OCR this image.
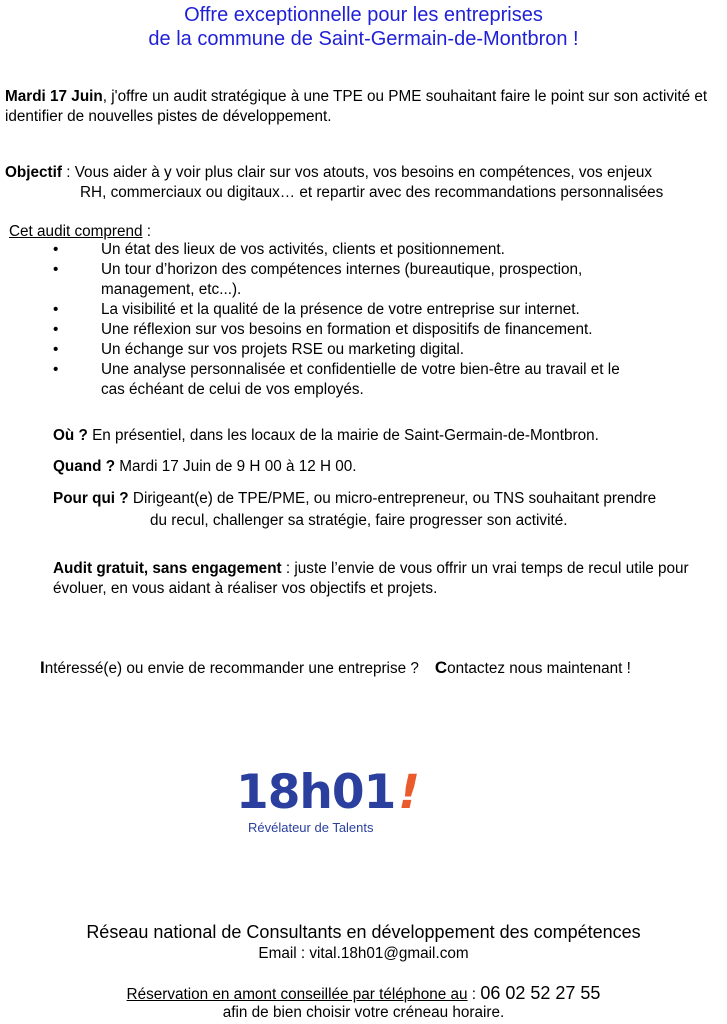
Offre exceptionnelle pour les entreprises
de la commune de Saint-Germain-de-Montbron !
Mardi 17 Juin, j'offre un audit stratégique à une TPE ou PME souhaitant faire le point sur son activité et identifier de nouvelles pistes de développement.
Objectif : Vous aider à y voir plus clair sur vos atouts, vos besoins en compétences, vos enjeux
RH, commerciaux ou digitaux… et repartir avec des recommandations personnalisées
Cet audit comprend :
•	Un état des lieux de vos activités, clients et positionnement.
•	Un tour d’horizon des compétences internes (bureautique, prospection, management, etc...).
•	La visibilité et la qualité de la présence de votre entreprise sur internet.
•	Une réflexion sur vos besoins en formation et dispositifs de financement.
•	Un échange sur vos projets RSE ou marketing digital.
•	Une analyse personnalisée et confidentielle de votre bien-être au travail et le cas échéant de celui de vos employés.
Où ? En présentiel, dans les locaux de la mairie de Saint-Germain-de-Montbron.
Quand ? Mardi 17 Juin de 9 H 00 à 12 H 00.
Pour qui ? Dirigeant(e) de TPE/PME, ou micro-entrepreneur, ou TNS souhaitant prendre
du recul, challenger sa stratégie, faire progresser son activité.
Audit gratuit, sans engagement : juste l’envie de vous offrir un vrai temps de recul utile pour évoluer, en vous aidant à réaliser vos objectifs et projets.
Intéressé(e) ou envie de recommander une entreprise ? Contactez nous maintenant !
18h01!
Révélateur de Talents
Réseau national de Consultants en développement des compétences
Email : vital.18h01@gmail.com
Réservation en amont conseillée par téléphone au : 06 02 52 27 55
afin de bien choisir votre créneau horaire.
